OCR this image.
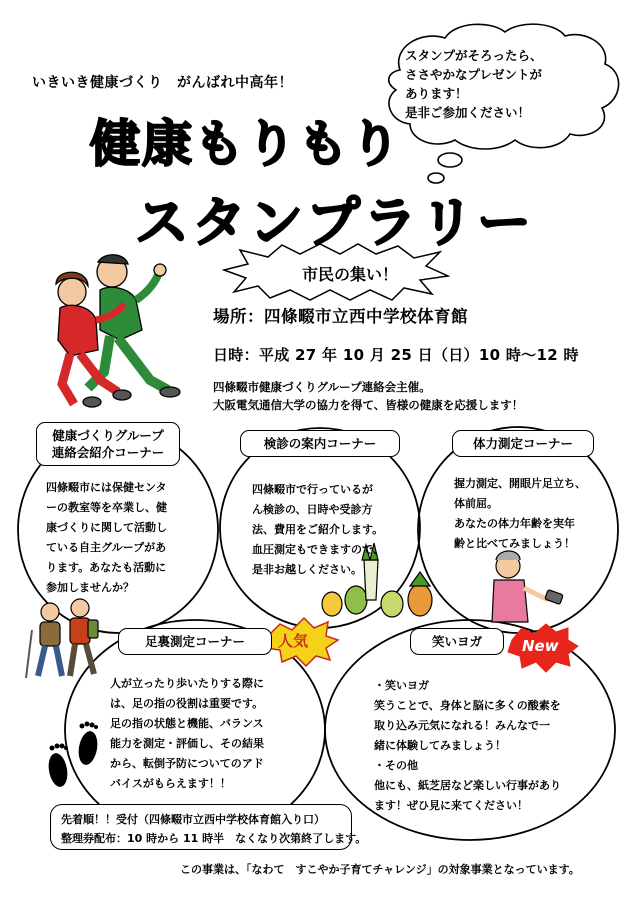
いきいき健康づくり　がんばれ中高年！
健康もりもり
スタンプラリー
スタンプがそろったら、
ささやかなプレゼントが
あります！
是非ご参加ください！
市民の集い！
場所：四條畷市立西中学校体育館
日時：平成 27 年 10 月 25 日（日）10 時～12 時
四條畷市健康づくりグループ連絡会主催。
大阪電気通信大学の協力を得て、皆様の健康を応援します！
健康づくりグループ
連絡会紹介コーナー
四條畷市には保健センタ
ーの教室等を卒業し、健
康づくりに関して活動し
ている自主グループがあ
ります。あなたも活動に
参加しませんか？
検診の案内コーナー
四條畷市で行っているが
ん検診の、日時や受診方
法、費用をご紹介します。
血圧測定もできますので、
是非お越しください。
体力測定コーナー
握力測定、開眼片足立ち、
体前屈。
あなたの体力年齢を実年
齢と比べてみましょう！
足裏測定コーナー	人気
人が立ったり歩いたりする際に
は、足の指の役割は重要です。
足の指の状態と機能、バランス
能力を測定・評価し、その結果
から、転倒予防についてのアド
バイスがもらえます！！
笑いヨガ	New
・笑いヨガ
笑うことで、身体と脳に多くの酸素を
取り込み元気になれる！みんなで一
緒に体験してみましょう！
・その他
他にも、紙芝居など楽しい行事があり
ます！ぜひ見に来てください！
先着順！！受付（四條畷市立西中学校体育館入り口）
整理券配布：10 時から 11 時半　なくなり次第終了します。
この事業は、「なわて　すこやか子育てチャレンジ」の対象事業となっています。
